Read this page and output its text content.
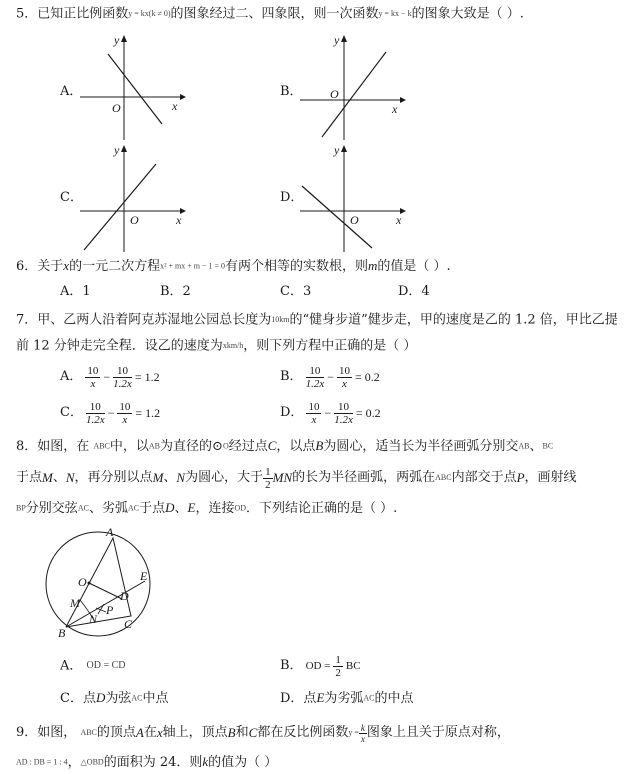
5．已知正比例函数y = kx(k ≠ 0)的图象经过二、四象限，则一次函数y = kx − k的图象大致是（ ）.
A．	B．
C．	D．
y
x
O
y
x
O
y
x
O
y
x
O
6．关于x的一元二次方程x² + mx + m − 1 = 0有两个相等的实数根，则m的值是（ ）.
A．1	B．2	C．3	D．4
7．甲、乙两人沿着阿克苏湿地公园总长度为10km的“健身步道”健步走，甲的速度是乙的 1.2 倍，甲比乙提
前 12 分钟走完全程．设乙的速度为xkm/h，则下列方程中正确的是（ ）
A． $\frac{10}{x} - \frac{10}{1.2x} = 1.2$	B． $\frac{10}{1.2x} - \frac{10}{x} = 0.2$
C． $\frac{10}{1.2x} - \frac{10}{x} = 1.2$	D． $\frac{10}{x} - \frac{10}{1.2x} = 0.2$
8．如图，在 ABC中，以AB为直径的⊙O经过点C，以点B为圆心，适当长为半径画弧分别交AB、BC
于点 M 、 N ，再分别以点 M 、 N 为圆心，大于 $\frac{1}{2}$ MN 的长为半径画弧，两弧在 ABC 内部交于点 P ，画射线
BP分别交弦AC、劣弧AC于点D、E，连接OD．下列结论正确的是（ ）.
A
B
C
D
E
O
M
N
P
A． OD = CD	B． OD = $\frac{1}{2}$ BC
C．点D为弦AC中点	D．点E为劣弧AC的中点
9． 如图，
ABC 的顶点 A 在 x 轴上，顶点 B 和 C 都在反比例函数 $y = \frac{k}{x}$ 图象上且关于原点对称，
AD : DB = 1 : 4，△OBD的面积为 24．则k的值为（ ）
